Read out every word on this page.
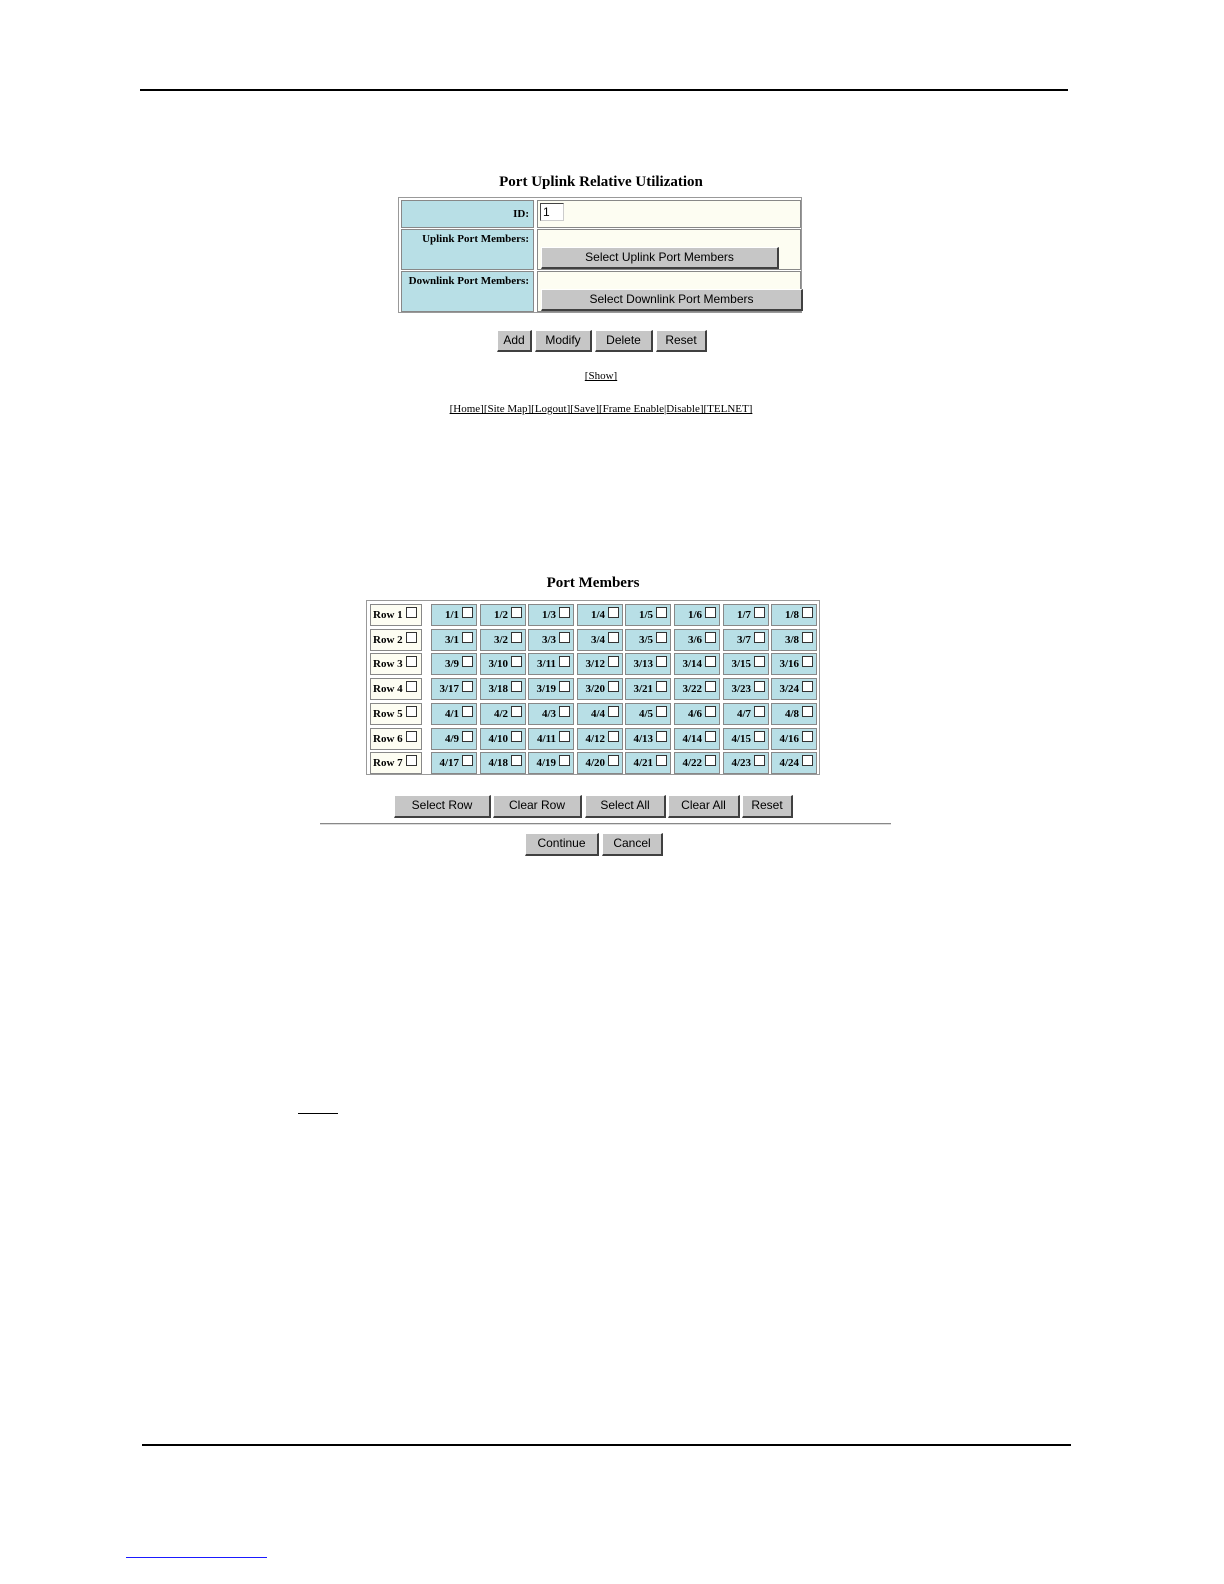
Port Uplink Relative Utilization
ID:	1
Uplink Port Members:
Select Uplink Port Members
Downlink Port Members:
Select Downlink Port Members
Add	Modify	Delete	Reset
[Show]
[Home][Site Map][Logout][Save][Frame Enable|Disable][TELNET]
Port Members
Row 1	1/1	1/2	1/3	1/4	1/5	1/6	1/7	1/8
Row 2	3/1	3/2	3/3	3/4	3/5	3/6	3/7	3/8
Row 3	3/9	3/10	3/11	3/12	3/13	3/14	3/15	3/16
Row 4	3/17	3/18	3/19	3/20	3/21	3/22	3/23	3/24
Row 5	4/1	4/2	4/3	4/4	4/5	4/6	4/7	4/8
Row 6	4/9	4/10	4/11	4/12	4/13	4/14	4/15	4/16
Row 7	4/17	4/18	4/19	4/20	4/21	4/22	4/23	4/24
Select Row	Clear Row	Select All	Clear All	Reset
Continue	Cancel
